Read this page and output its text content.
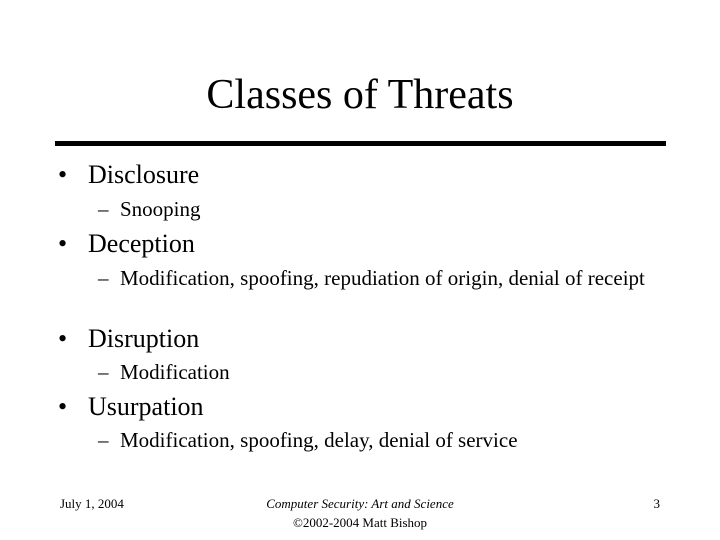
Classes of Threats
• Disclosure
– Snooping
• Deception
– Modification, spoofing, repudiation of origin, denial of receipt
• Disruption
– Modification
• Usurpation
– Modification, spoofing, delay, denial of service
July 1, 2004	Computer Security: Art and Science
©2002-2004 Matt Bishop
3
